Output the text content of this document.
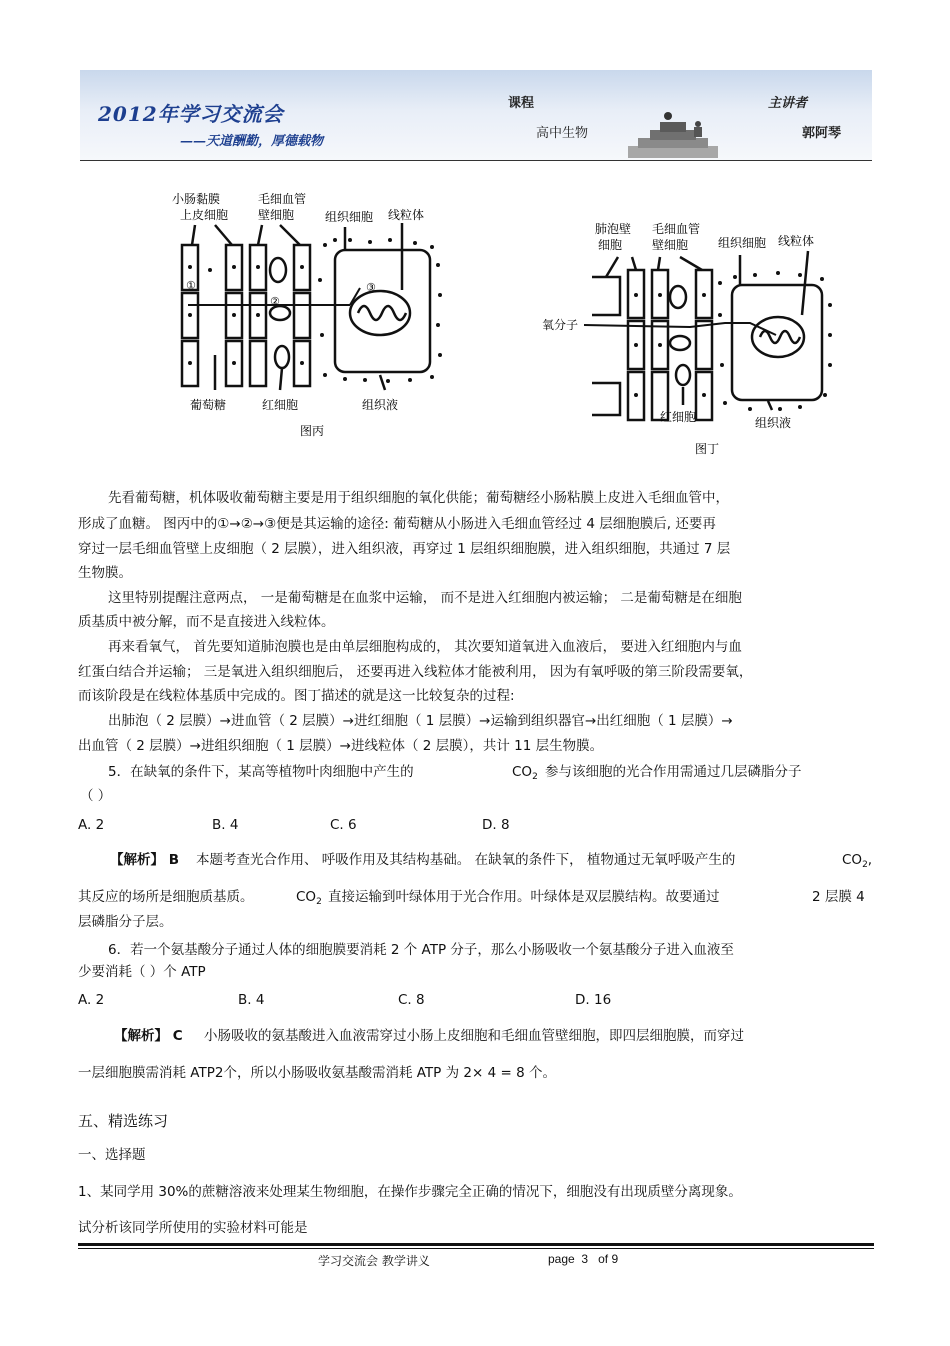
2012年学习交流会
——天道酬勤，厚德载物
课程
高中生物
主讲者
郭阿琴
①
②
③
小肠黏膜
上皮细胞
毛细血管
壁细胞	组织细胞 线粒体
葡萄糖	红细胞	组织液
图丙
肺泡壁
细胞
毛细血管
壁细胞 组织细胞 线粒体
氧分子
红细胞	组织液
图丁
先看葡萄糖，机体吸收葡萄糖主要是用于组织细胞的氧化供能；葡萄糖经小肠粘膜上皮进入毛细血管中，
形成了血糖。 图丙中的①→②→③便是其运输的途径: 葡萄糖从小肠进入毛细血管经过 4 层细胞膜后, 还要再
穿过一层毛细血管壁上皮细胞（ 2 层膜），进入组织液，再穿过 1 层组织细胞膜，进入组织细胞，共通过 7 层
生物膜。
这里特别提醒注意两点， 一是葡萄糖是在血浆中运输， 而不是进入红细胞内被运输； 二是葡萄糖是在细胞
质基质中被分解，而不是直接进入线粒体。
再来看氧气， 首先要知道肺泡膜也是由单层细胞构成的， 其次要知道氧进入血液后， 要进入红细胞内与血
红蛋白结合并运输； 三是氧进入组织细胞后， 还要再进入线粒体才能被利用， 因为有氧呼吸的第三阶段需要氧，
而该阶段是在线粒体基质中完成的。图丁描述的就是这一比较复杂的过程:
出肺泡（ 2 层膜）→进血管（ 2 层膜）→进红细胞（ 1 层膜）→运输到组织器官→出红细胞（ 1 层膜）→
出血管（ 2 层膜）→进组织细胞（ 1 层膜）→进线粒体（ 2 层膜），共计 11 层生物膜。
5．在缺氧的条件下，某高等植物叶肉细胞中产生的	$CO_2$ 参与该细胞的光合作用需通过几层磷脂分子
（ ）
A. 2	B. 4	C. 6	D. 8
【解析】 B 本题考查光合作用、 呼吸作用及其结构基础。 在缺氧的条件下， 植物通过无氧呼吸产生的	$CO_2$,
其反应的场所是细胞质基质。	$CO_2$ 直接运输到叶绿体用于光合作用。叶绿体是双层膜结构。故要通过	2 层膜 4
层磷脂分子层。
6．若一个氨基酸分子通过人体的细胞膜要消耗 2 个 ATP 分子，那么小肠吸收一个氨基酸分子进入血液至
少要消耗（ ）个 ATP
A. 2	B. 4	C. 8	D. 16
【解析】 C 小肠吸收的氨基酸进入血液需穿过小肠上皮细胞和毛细血管壁细胞，即四层细胞膜，而穿过
一层细胞膜需消耗 ATP2个，所以小肠吸收氨基酸需消耗 ATP 为 2× 4 = 8 个。
五、精选练习
一、选择题
1、某同学用 30%的蔗糖溶液来处理某生物细胞，在操作步骤完全正确的情况下，细胞没有出现质壁分离现象。
试分析该同学所使用的实验材料可能是
学习交流会 教学讲义	page 3 of 9
